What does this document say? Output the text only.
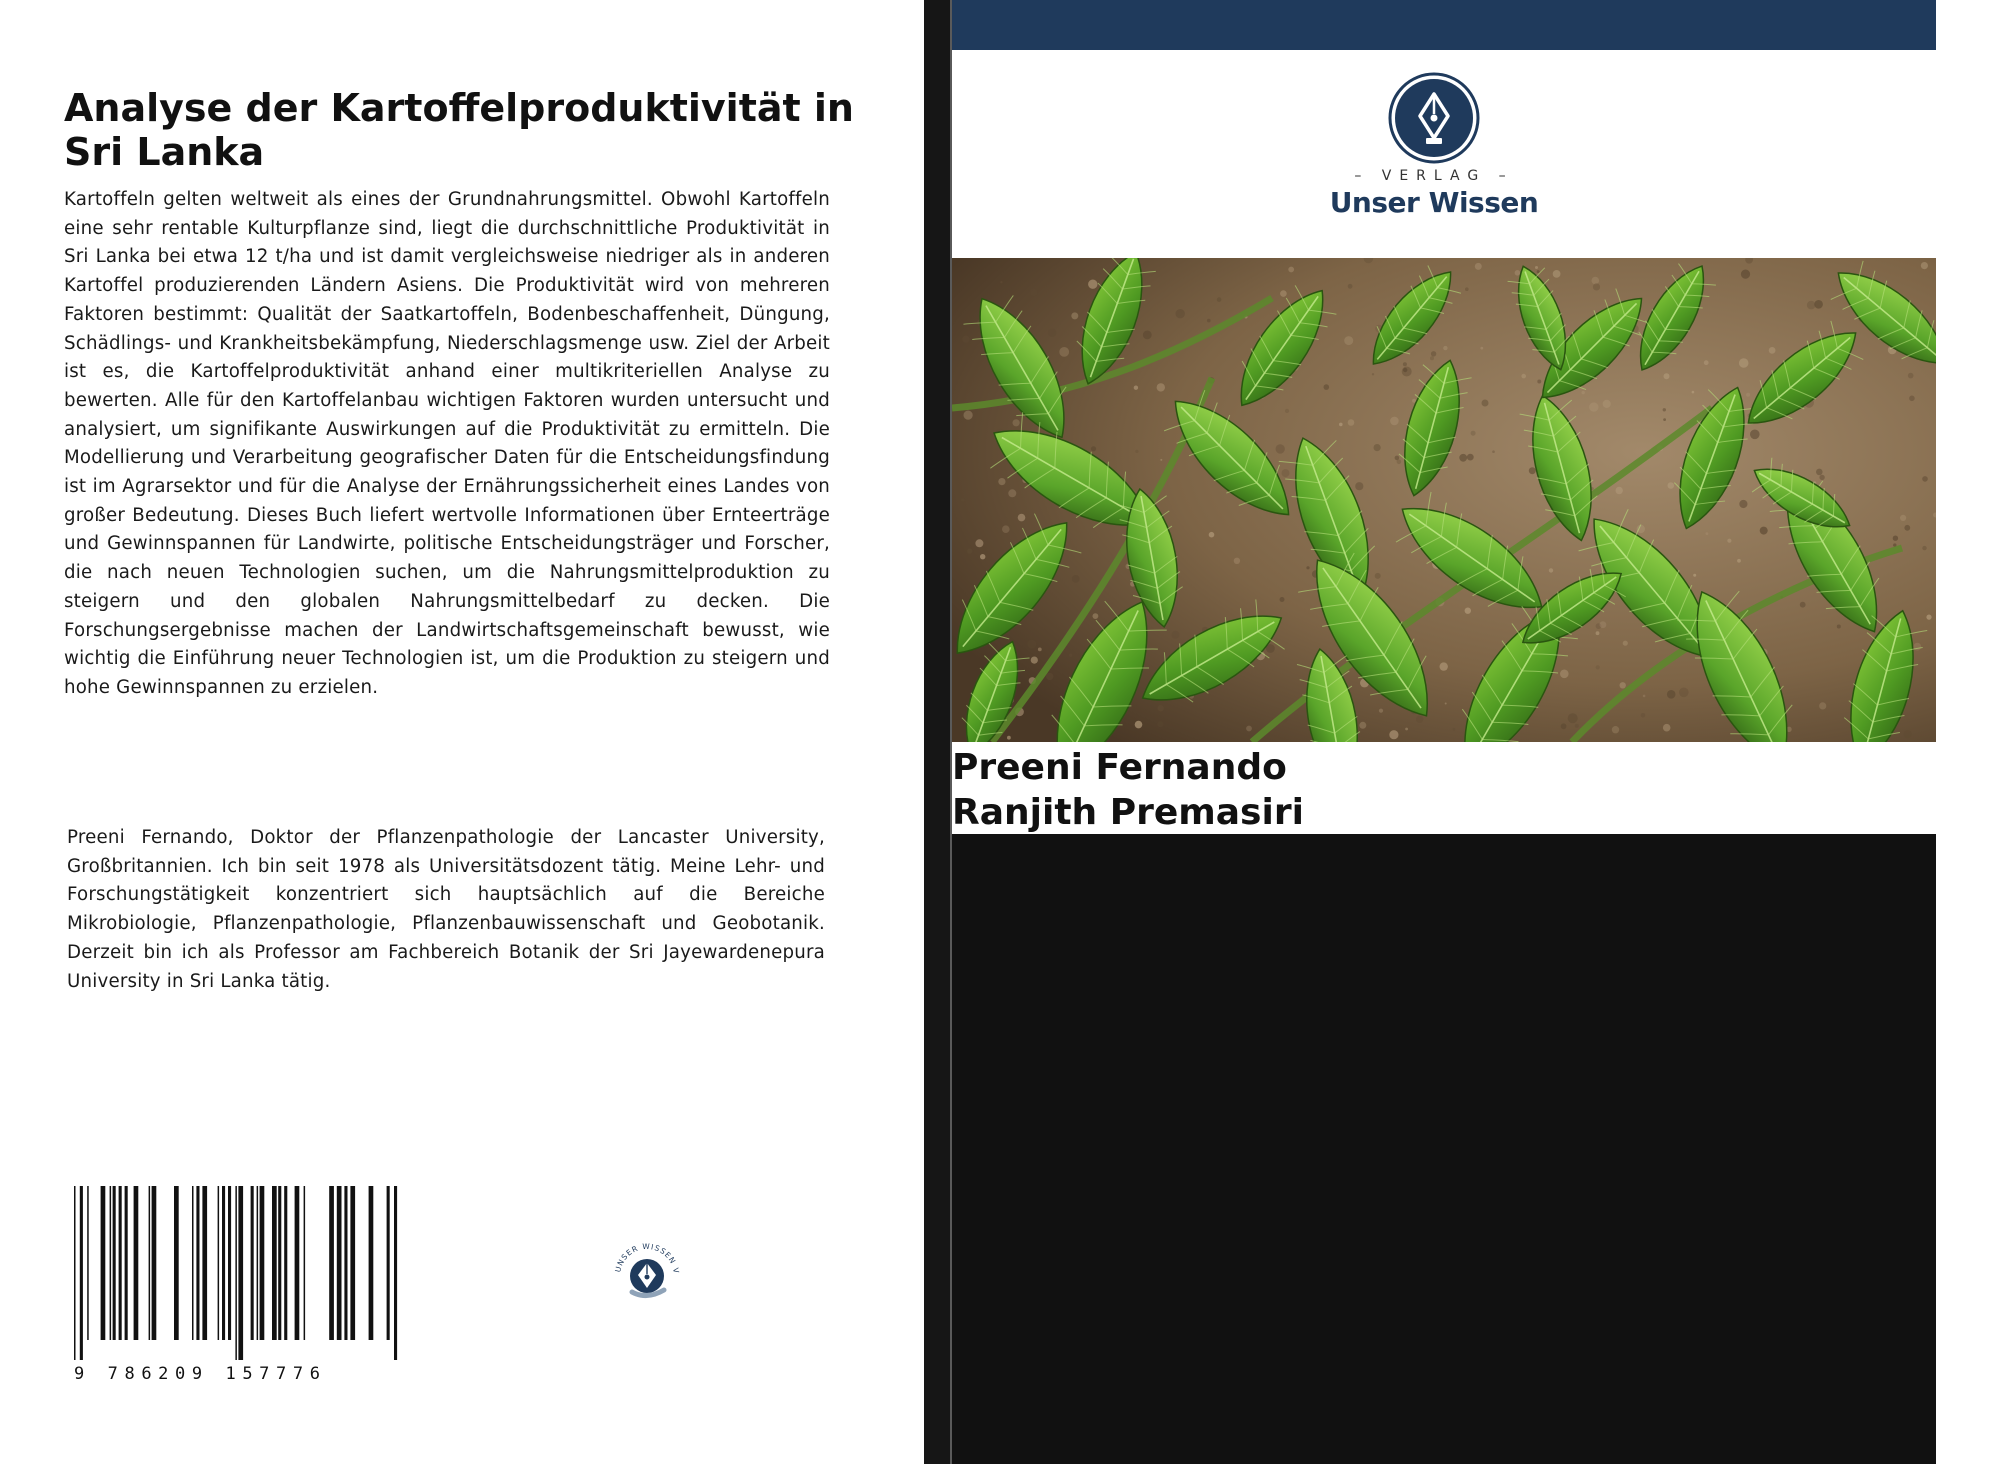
Analyse der Kartoffelproduktivität in Sri Lanka

Kartoffeln gelten weltweit als eines der Grundnahrungsmittel. Obwohl Kartoffeln eine sehr rentable Kulturpflanze sind, liegt die durchschnittliche Produktivität in Sri Lanka bei etwa 12 t/ha und ist damit vergleichsweise niedriger als in anderen Kartoffel produzierenden Ländern Asiens. Die Produktivität wird von mehreren Faktoren bestimmt: Qualität der Saatkartoffeln, Bodenbeschaffenheit, Düngung, Schädlings- und Krankheitsbekämpfung, Niederschlagsmenge usw. Ziel der Arbeit ist es, die Kartoffelproduktivität anhand einer multikriteriellen Analyse zu bewerten. Alle für den Kartoffelanbau wichtigen Faktoren wurden untersucht und analysiert, um signifikante Auswirkungen auf die Produktivität zu ermitteln. Die Modellierung und Verarbeitung geografischer Daten für die Entscheidungsfindung ist im Agrarsektor und für die Analyse der Ernährungssicherheit eines Landes von großer Bedeutung. Dieses Buch liefert wertvolle Informationen über Ernteerträge und Gewinnspannen für Landwirte, politische Entscheidungsträger und Forscher, die nach neuen Technologien suchen, um die Nahrungsmittelproduktion zu steigern und den globalen Nahrungsmittelbedarf zu decken. Die Forschungsergebnisse machen der Landwirtschaftsgemeinschaft bewusst, wie wichtig die Einführung neuer Technologien ist, um die Produktion zu steigern und hohe Gewinnspannen zu erzielen.

Preeni Fernando, Doktor der Pflanzenpathologie der Lancaster University, Großbritannien. Ich bin seit 1978 als Universitätsdozent tätig. Meine Lehr- und Forschungstätigkeit konzentriert sich hauptsächlich auf die Bereiche Mikrobiologie, Pflanzenpathologie, Pflanzenbauwissenschaft und Geobotanik. Derzeit bin ich als Professor am Fachbereich Botanik der Sri Jayewardenepura University in Sri Lanka tätig.

9 786209 157776
UNSER WISSEN V
– VERLAG –
Unser Wissen
Preeni Fernando
Ranjith Premasiri
